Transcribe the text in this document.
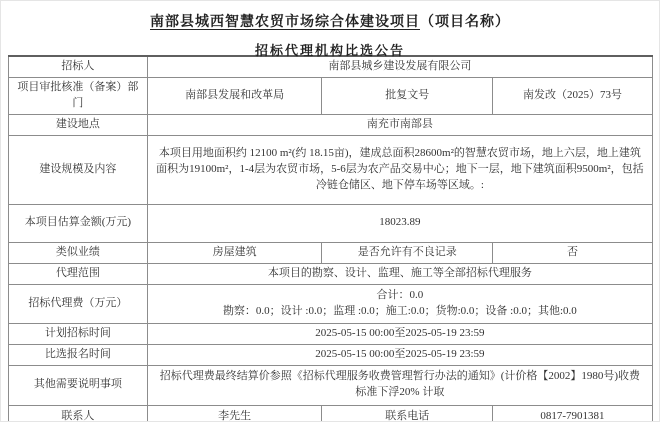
南部县城西智慧农贸市场综合体建设项目（项目名称）
招标代理机构比选公告
招标人	南部县城乡建设发展有限公司		
项目审批核准（备案）部门	南部县发展和改革局	批复文号	南发改（2025）73号
建设地点	南充市南部县		
建设规模及内容	本项目用地面积约 12100 m²(约 18.15亩)，建成总面积28600m²的智慧农贸市场，地上六层，地上建筑面积为19100m²，1-4层为农贸市场，5-6层为农产品交易中心；地下一层，地下建筑面积9500m²，包括冷链仓储区、地下停车场等区域。:		
本项目估算金额(万元)	18023.89		
类似业绩	房屋建筑	是否允许有不良记录	否
代理范围	本项目的勘察、设计、监理、施工等全部招标代理服务		
招标代理费（万元）	合计：0.0
勘察：0.0；设计 :0.0；监理 :0.0；施工:0.0；货物:0.0；设备 :0.0；其他:0.0		

计划招标时间	2025-05-15 00:00至2025-05-19 23:59		
比选报名时间	2025-05-15 00:00至2025-05-19 23:59		
其他需要说明事项	招标代理费最终结算价参照《招标代理服务收费管理暂行办法的通知》(计价格【2002】1980号)收费标准下浮20% 计取		
联系人	李先生	联系电话	0817-7901381
